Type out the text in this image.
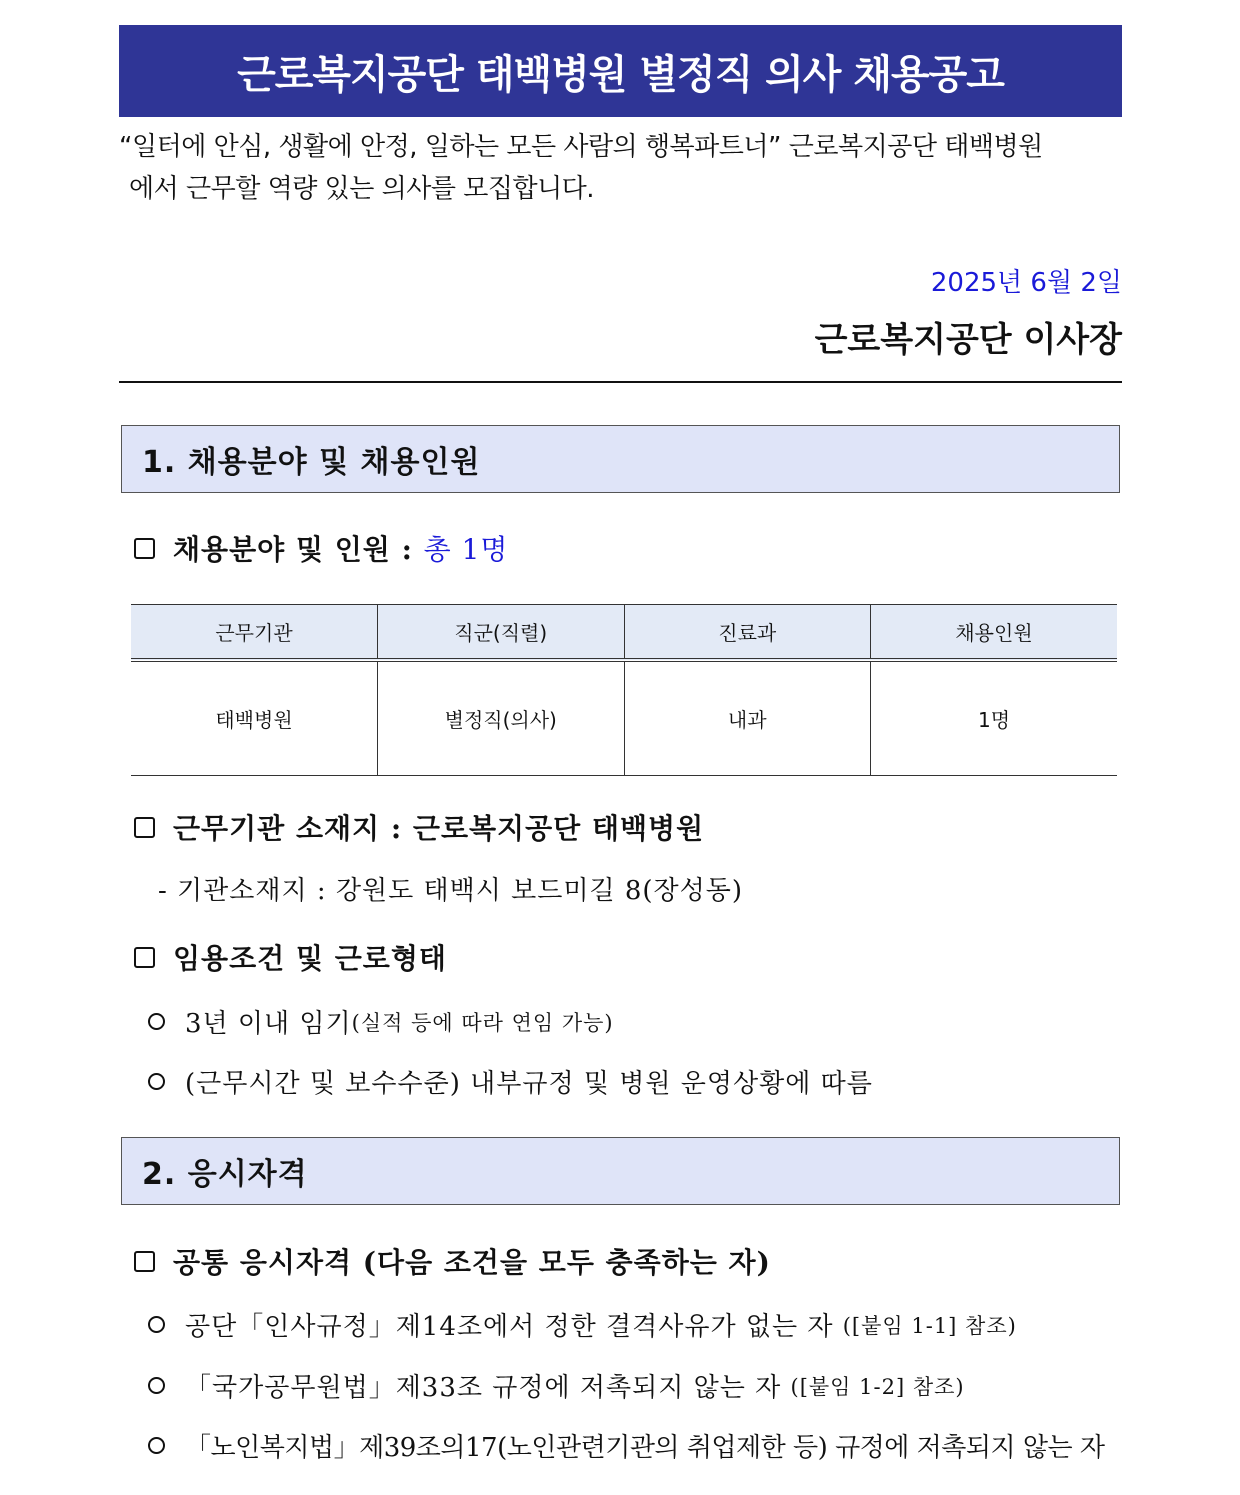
근로복지공단 태백병원 별정직 의사 채용공고
“일터에 안심, 생활에 안정, 일하는 모든 사람의 행복파트너” 근로복지공단 태백병원
에서 근무할 역량 있는 의사를 모집합니다.
2025년 6월 2일
근로복지공단 이사장
1. 채용분야 및 채용인원
채용분야 및 인원 :
총 1명
근무기관	직군(직렬)	진료과	채용인원
태백병원	별정직(의사)	내과	1명
근무기관 소재지 : 근로복지공단 태백병원
- 기관소재지 : 강원도 태백시 보드미길 8(장성동)
임용조건 및 근로형태
3년 이내 임기 (실적 등에 따라 연임 가능)
(근무시간 및 보수수준) 내부규정 및 병원 운영상황에 따름
2. 응시자격
공통 응시자격 (다음 조건을 모두 충족하는 자)
공단「인사규정」제14조에서 정한 결격사유가 없는 자
([붙임 1-1] 참조)
「국가공무원법」제33조 규정에 저촉되지 않는 자
([붙임 1-2] 참조)
「노인복지법」제39조의17(노인관련기관의 취업제한 등) 규정에 저촉되지 않는 자
